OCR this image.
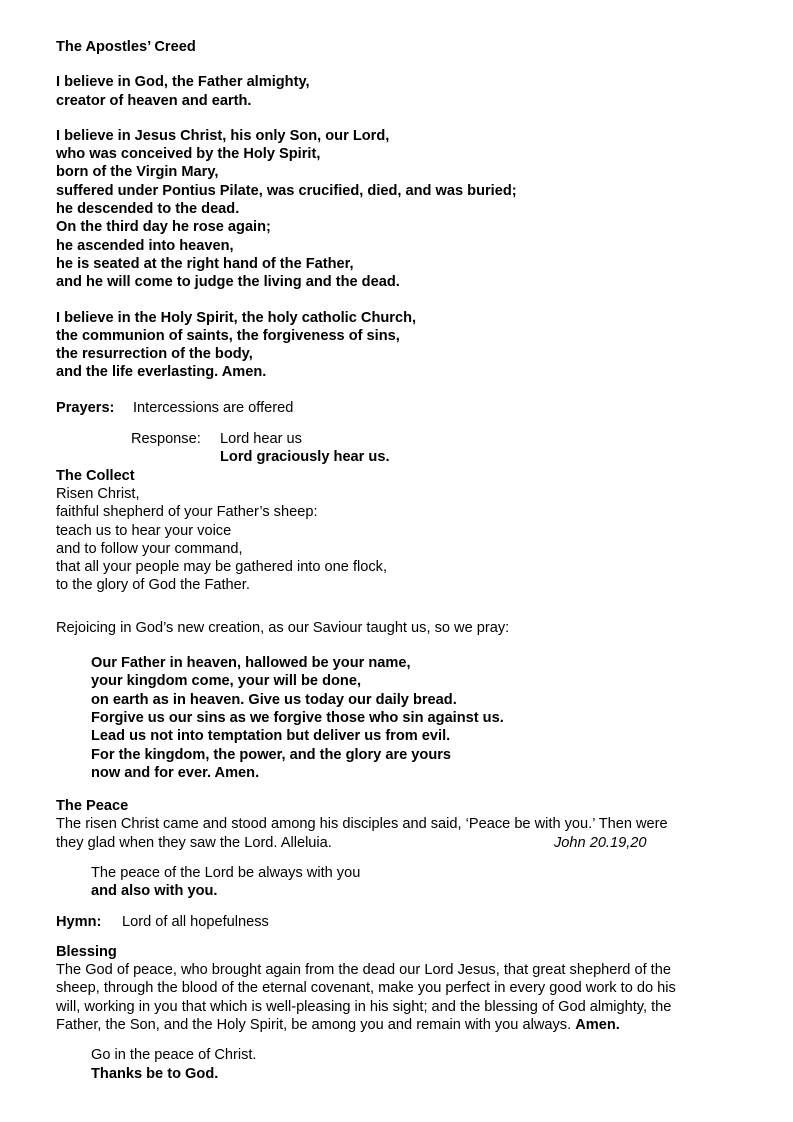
The Apostles’ Creed
I believe in God, the Father almighty,
creator of heaven and earth.
I believe in Jesus Christ, his only Son, our Lord,
who was conceived by the Holy Spirit,
born of the Virgin Mary,
suffered under Pontius Pilate, was crucified, died, and was buried;
he descended to the dead.
On the third day he rose again;
he ascended into heaven,
he is seated at the right hand of the Father,
and he will come to judge the living and the dead.
I believe in the Holy Spirit, the holy catholic Church,
the communion of saints, the forgiveness of sins,
the resurrection of the body,
and the life everlasting. Amen.
Prayers: Intercessions are offered
Response: Lord hear us
Lord graciously hear us.
The Collect
Risen Christ,
faithful shepherd of your Father’s sheep:
teach us to hear your voice
and to follow your command,
that all your people may be gathered into one flock,
to the glory of God the Father.
Rejoicing in God’s new creation, as our Saviour taught us, so we pray:
Our Father in heaven, hallowed be your name,
your kingdom come, your will be done,
on earth as in heaven. Give us today our daily bread.
Forgive us our sins as we forgive those who sin against us.
Lead us not into temptation but deliver us from evil.
For the kingdom, the power, and the glory are yours
now and for ever. Amen.
The Peace
The risen Christ came and stood among his disciples and said, ‘Peace be with you.’ Then were
they glad when they saw the Lord. Alleluia.	John 20.19,20
The peace of the Lord be always with you
and also with you.
Hymn: Lord of all hopefulness
Blessing
The God of peace, who brought again from the dead our Lord Jesus, that great shepherd of the
sheep, through the blood of the eternal covenant, make you perfect in every good work to do his
will, working in you that which is well-pleasing in his sight; and the blessing of God almighty, the
Father, the Son, and the Holy Spirit, be among you and remain with you always. Amen.
Go in the peace of Christ.
Thanks be to God.
